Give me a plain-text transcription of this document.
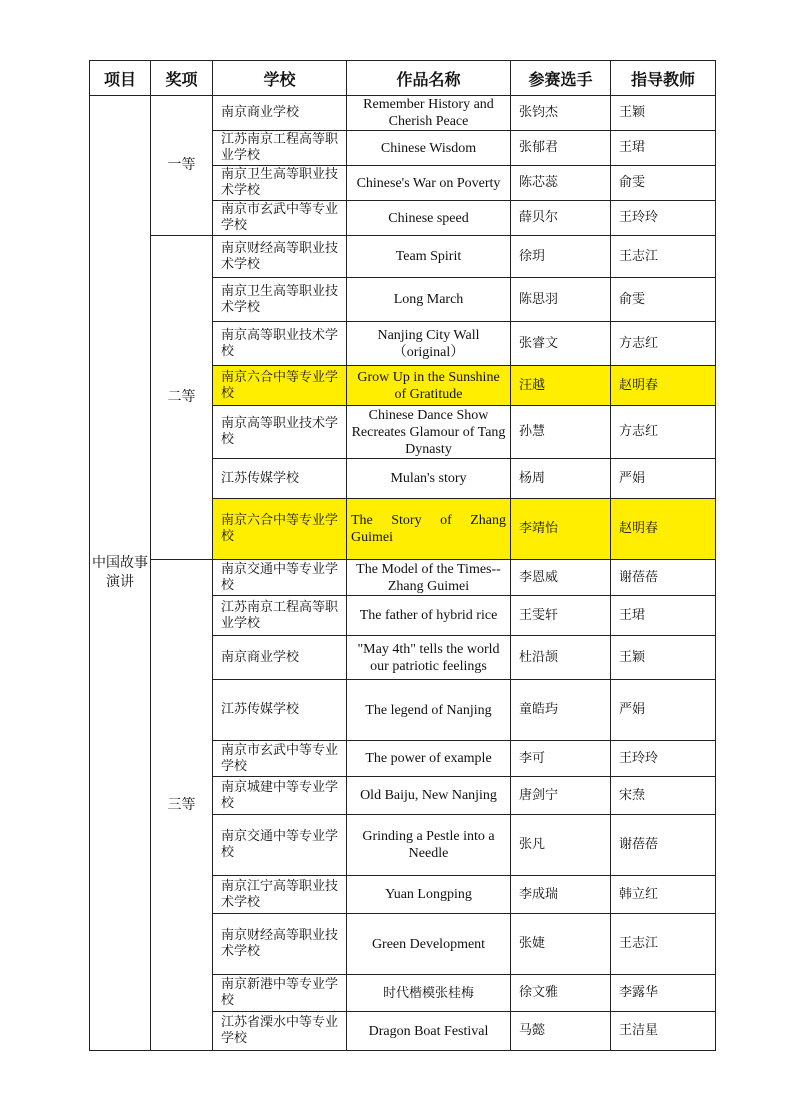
项目	奖项	学校	作品名称	参赛选手	指导教师
中国故事演讲	一等	南京商业学校	Remember History and Cherish Peace	张钧杰	王颖
		江苏南京工程高等职业学校	Chinese Wisdom	张郁君	王珺
		南京卫生高等职业技术学校	Chinese's War on Poverty	陈芯蕊	俞雯
		南京市玄武中等专业学校	Chinese speed	薛贝尔	王玲玲
	二等	南京财经高等职业技术学校	Team Spirit	徐玥	王志江
		南京卫生高等职业技术学校	Long March	陈思羽	俞雯
		南京高等职业技术学校	Nanjing City Wall （original）	张睿文	方志红
		南京六合中等专业学校	Grow Up in the Sunshine of Gratitude	汪越	赵明春
		南京高等职业技术学校	Chinese Dance Show Recreates Glamour of Tang Dynasty	孙慧	方志红
		江苏传媒学校	Mulan's story	杨周	严娟
		南京六合中等专业学校	The Story of Zhang Guimei	李靖怡	赵明春
	三等	南京交通中等专业学校	The Model of the Times--Zhang Guimei	李恩威	谢蓓蓓
		江苏南京工程高等职业学校	The father of hybrid rice	王雯轩	王珺
		南京商业学校	"May 4th" tells the world our patriotic feelings	杜沿颉	王颖
		江苏传媒学校	The legend of Nanjing	童皓玙	严娟
		南京市玄武中等专业学校	The power of example	李可	王玲玲
		南京城建中等专业学校	Old Baiju, New Nanjing	唐剑宁	宋焘
		南京交通中等专业学校	Grinding a Pestle into a Needle	张凡	谢蓓蓓
		南京江宁高等职业技术学校	Yuan Longping	李成瑞	韩立红
		南京财经高等职业技术学校	Green Development	张婕	王志江
		南京新港中等专业学校	时代楷模张桂梅	徐文雅	李露华
		江苏省溧水中等专业学校	Dragon Boat Festival	马懿	王洁星
